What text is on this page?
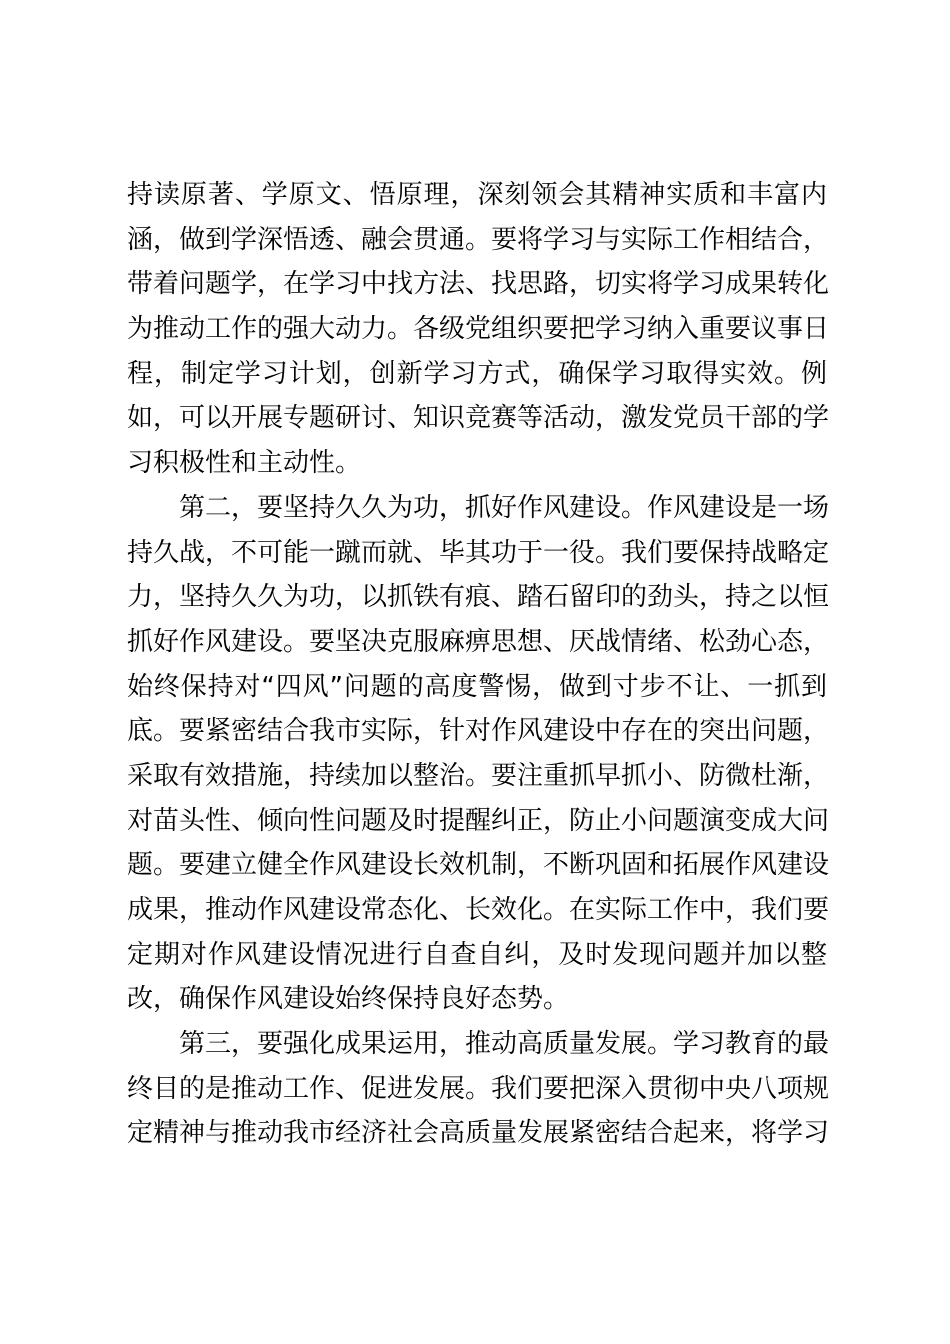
持读原著、学原文、悟原理，深刻领会其精神实质和丰富内
涵，做到学深悟透、融会贯通。要将学习与实际工作相结合，
带着问题学，在学习中找方法、找思路，切实将学习成果转化
为推动工作的强大动力。各级党组织要把学习纳入重要议事日
程，制定学习计划，创新学习方式，确保学习取得实效。例
如，可以开展专题研讨、知识竞赛等活动，激发党员干部的学
习积极性和主动性。
第二，要坚持久久为功，抓好作风建设。作风建设是一场
持久战，不可能一蹴而就、毕其功于一役。我们要保持战略定
力，坚持久久为功，以抓铁有痕、踏石留印的劲头，持之以恒
抓好作风建设。要坚决克服麻痹思想、厌战情绪、松劲心态，
始终保持对“四风”问题的高度警惕，做到寸步不让、一抓到
底。要紧密结合我市实际，针对作风建设中存在的突出问题，
采取有效措施，持续加以整治。要注重抓早抓小、防微杜渐，
对苗头性、倾向性问题及时提醒纠正，防止小问题演变成大问
题。要建立健全作风建设长效机制，不断巩固和拓展作风建设
成果，推动作风建设常态化、长效化。在实际工作中，我们要
定期对作风建设情况进行自查自纠，及时发现问题并加以整
改，确保作风建设始终保持良好态势。
第三，要强化成果运用，推动高质量发展。学习教育的最
终目的是推动工作、促进发展。我们要把深入贯彻中央八项规
定精神与推动我市经济社会高质量发展紧密结合起来，将学习
